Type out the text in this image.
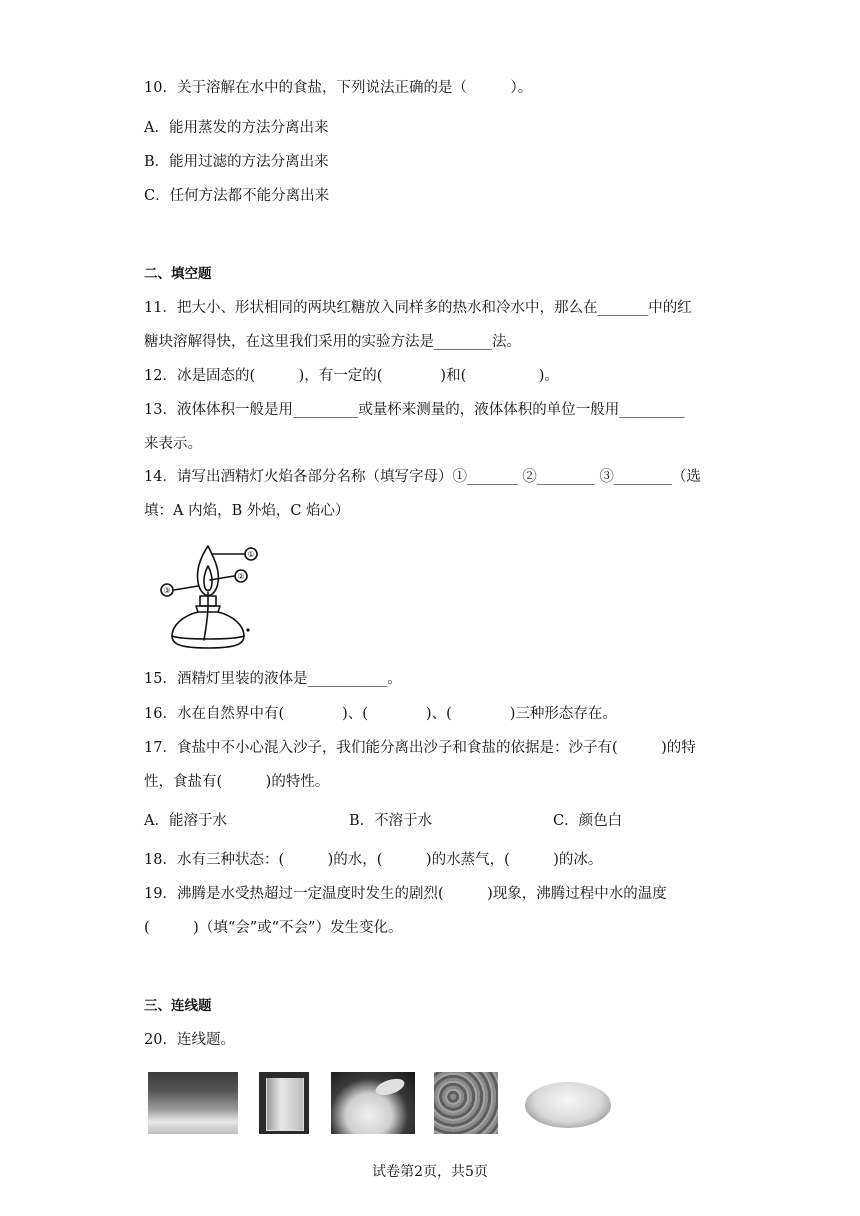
10．关于溶解在水中的食盐，下列说法正确的是（　　　）。
A．能用蒸发的方法分离出来
B．能用过滤的方法分离出来
C．任何方法都不能分离出来
二、填空题
11．把大小、形状相同的两块红糖放入同样多的热水和冷水中，那么在_______中的红
糖块溶解得快，在这里我们采用的实验方法是________法。
12．冰是固态的(　　　)，有一定的(　　　　)和(　　　　　)。
13．液体体积一般是用_________或量杯来测量的，液体体积的单位一般用_________
来表示。
14．请写出酒精灯火焰各部分名称（填写字母）①_______ ②________ ③________（选
填：A 内焰，B 外焰，C 焰心）
①
②
③
15．酒精灯里装的液体是___________。
16．水在自然界中有(　　　　)、(　　　　)、(　　　　)三种形态存在。
17．食盐中不小心混入沙子，我们能分离出沙子和食盐的依据是：沙子有(　　　)的特
性，食盐有(　　　)的特性。
A．能溶于水	B．不溶于水	C．颜色白
18．水有三种状态：(　　　)的水，(　　　)的水蒸气，(　　　)的冰。
19．沸腾是水受热超过一定温度时发生的剧烈(　　　)现象，沸腾过程中水的温度
(　　　)（填“会”或“不会”）发生变化。
三、连线题
20．连线题。
试卷第2页，共5页
